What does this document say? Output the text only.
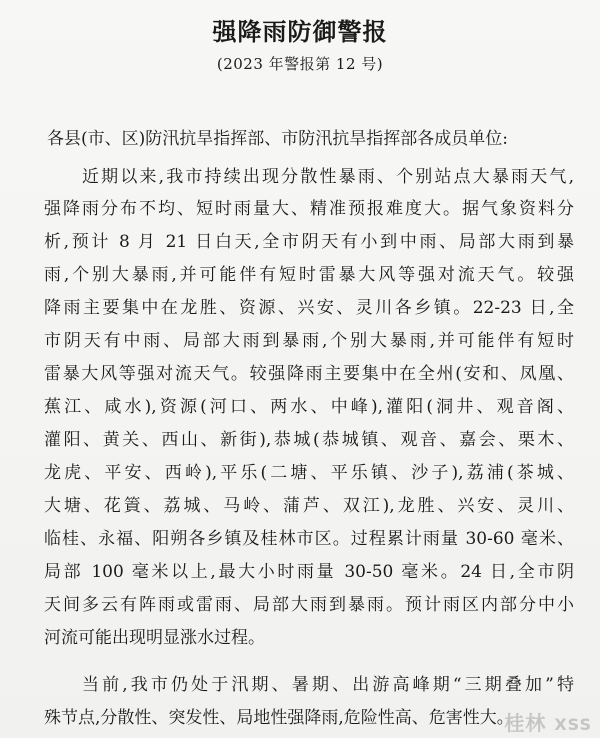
强降雨防御警报
(2023 年警报第 12 号)
各县(市、区)防汛抗旱指挥部、市防汛抗旱指挥部各成员单位:
近期以来,我市持续出现分散性暴雨、个别站点大暴雨天气,
强降雨分布不均、短时雨量大、精准预报难度大。据气象资料分
析,预计 8 月 21 日白天,全市阴天有小到中雨、局部大雨到暴
雨,个别大暴雨,并可能伴有短时雷暴大风等强对流天气。较强
降雨主要集中在龙胜、资源、兴安、灵川各乡镇。22-23 日,全
市阴天有中雨、局部大雨到暴雨,个别大暴雨,并可能伴有短时
雷暴大风等强对流天气。较强降雨主要集中在全州(安和、凤凰、
蕉江、咸水),资源(河口、两水、中峰),灌阳(洞井、观音阁、
灌阳、黄关、西山、新街),恭城(恭城镇、观音、嘉会、栗木、
龙虎、平安、西岭),平乐(二塘、平乐镇、沙子),荔浦(茶城、
大塘、花篢、荔城、马岭、蒲芦、双江),龙胜、兴安、灵川、
临桂、永福、阳朔各乡镇及桂林市区。过程累计雨量 30-60 毫米、
局部 100 毫米以上,最大小时雨量 30-50 毫米。24 日,全市阴
天间多云有阵雨或雷雨、局部大雨到暴雨。预计雨区内部分中小
河流可能出现明显涨水过程。
当前,我市仍处于汛期、暑期、出游高峰期“三期叠加”特
殊节点,分散性、突发性、局地性强降雨,危险性高、危害性大。
桂林 XSS
